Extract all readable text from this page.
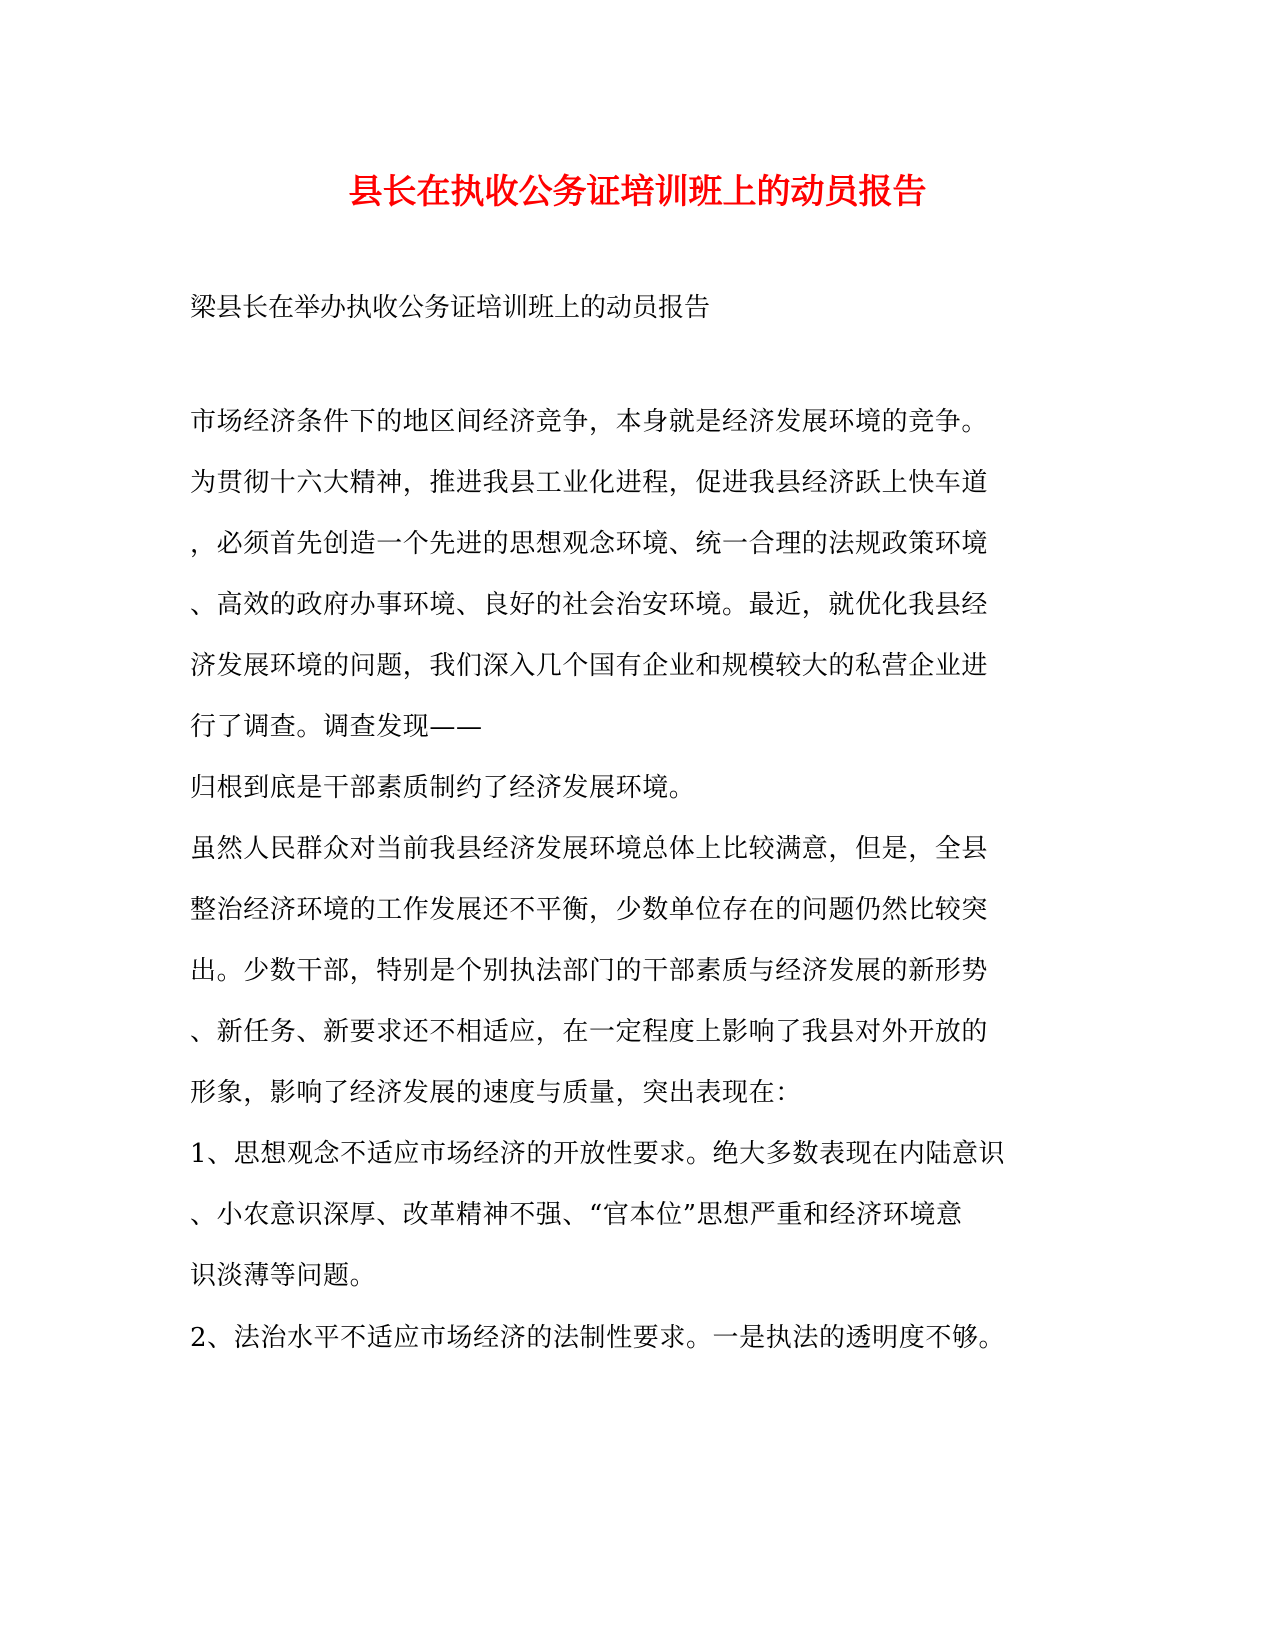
县长在执收公务证培训班上的动员报告
梁县长在举办执收公务证培训班上的动员报告
市场经济条件下的地区间经济竞争，本身就是经济发展环境的竞争。
为贯彻十六大精神，推进我县工业化进程，促进我县经济跃上快车道
，必须首先创造一个先进的思想观念环境、统一合理的法规政策环境
、高效的政府办事环境、良好的社会治安环境。最近，就优化我县经
济发展环境的问题，我们深入几个国有企业和规模较大的私营企业进
行了调查。调查发现——
归根到底是干部素质制约了经济发展环境。
虽然人民群众对当前我县经济发展环境总体上比较满意，但是，全县
整治经济环境的工作发展还不平衡，少数单位存在的问题仍然比较突
出。少数干部，特别是个别执法部门的干部素质与经济发展的新形势
、新任务、新要求还不相适应，在一定程度上影响了我县对外开放的
形象，影响了经济发展的速度与质量，突出表现在：
1、思想观念不适应市场经济的开放性要求。绝大多数表现在内陆意识
、小农意识深厚、改革精神不强、“官本位”思想严重和经济环境意
识淡薄等问题。
2、法治水平不适应市场经济的法制性要求。一是执法的透明度不够。
